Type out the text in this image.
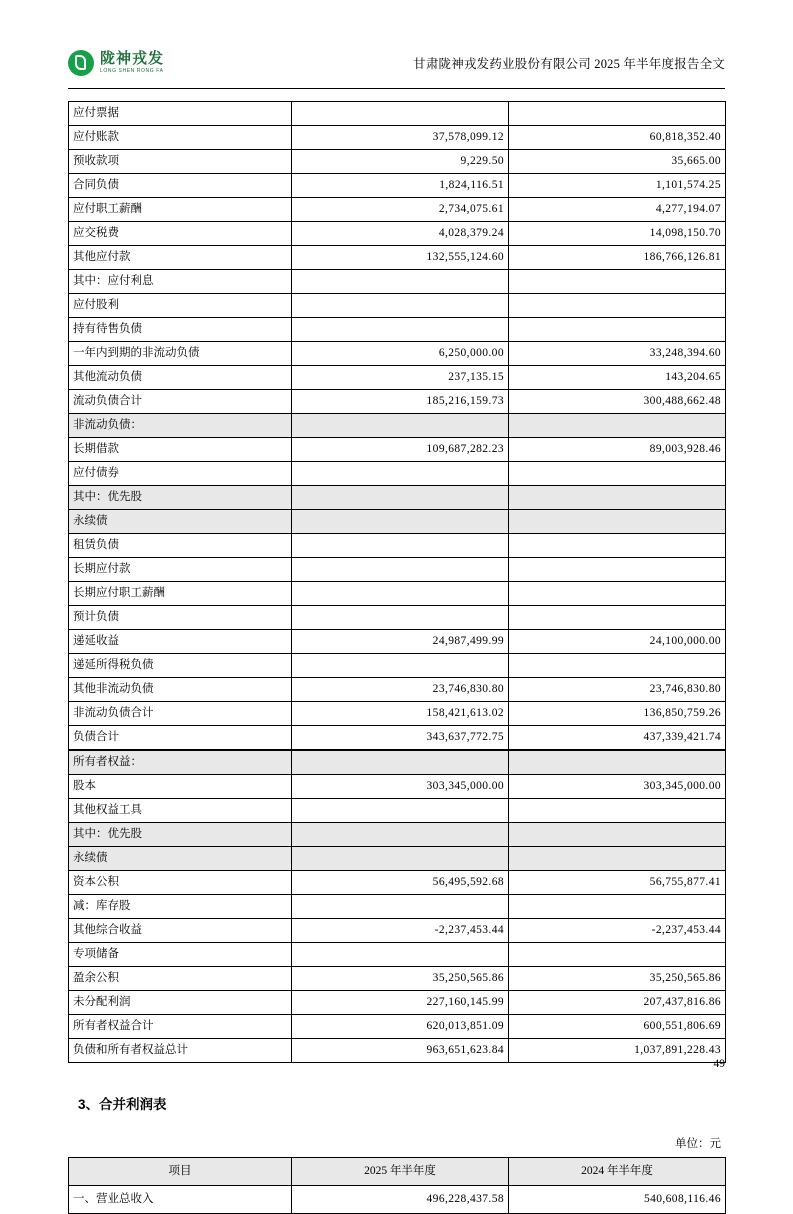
陇神戎发
LONG SHEN RONG FA	甘肃陇神戎发药业股份有限公司 2025 年半年度报告全文
应付票据		
应付账款	37,578,099.12	60,818,352.40
预收款项	9,229.50	35,665.00
合同负债	1,824,116.51	1,101,574.25
应付职工薪酬	2,734,075.61	4,277,194.07
应交税费	4,028,379.24	14,098,150.70
其他应付款	132,555,124.60	186,766,126.81
其中：应付利息		
应付股利		
持有待售负债		
一年内到期的非流动负债	6,250,000.00	33,248,394.60
其他流动负债	237,135.15	143,204.65
流动负债合计	185,216,159.73	300,488,662.48
非流动负债：		
长期借款	109,687,282.23	89,003,928.46
应付债券		
其中：优先股		
永续债		
租赁负债		
长期应付款		
长期应付职工薪酬		
预计负债		
递延收益	24,987,499.99	24,100,000.00
递延所得税负债		
其他非流动负债	23,746,830.80	23,746,830.80
非流动负债合计	158,421,613.02	136,850,759.26
负债合计	343,637,772.75	437,339,421.74
所有者权益：		
股本	303,345,000.00	303,345,000.00
其他权益工具		
其中：优先股		
永续债		
资本公积	56,495,592.68	56,755,877.41
减：库存股		
其他综合收益	-2,237,453.44	-2,237,453.44
专项储备		
盈余公积	35,250,565.86	35,250,565.86
未分配利润	227,160,145.99	207,437,816.86
所有者权益合计	620,013,851.09	600,551,806.69
负债和所有者权益总计	963,651,623.84	1,037,891,228.43
3、合并利润表
单位：元
项目	2025 年半年度	2024 年半年度
一、营业总收入	496,228,437.58	540,608,116.46
49
